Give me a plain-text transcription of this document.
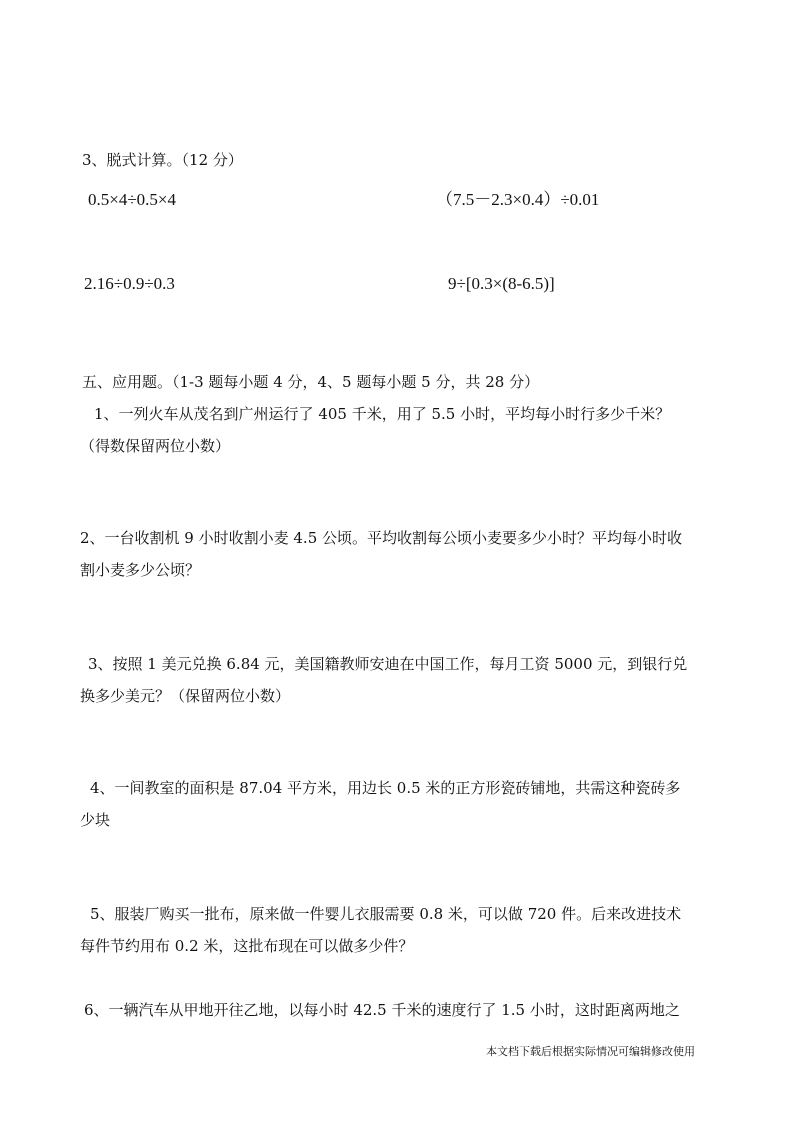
3、脱式计算。（12 分）
0.5×4÷0.5×4	（7.5－2.3×0.4）÷0.01
2.16÷0.9÷0.3	9÷[0.3×(8-6.5)]
五、应用题。（1-3 题每小题 4 分，4、5 题每小题 5 分，共 28 分）
1、一列火车从茂名到广州运行了 405 千米，用了 5.5 小时，平均每小时行多少千米？
（得数保留两位小数）
2、一台收割机 9 小时收割小麦 4.5 公顷。平均收割每公顷小麦要多少小时？平均每小时收
割小麦多少公顷？
3、按照 1 美元兑换 6.84 元，美国籍教师安迪在中国工作，每月工资 5000 元，到银行兑
换多少美元？（保留两位小数）
4、一间教室的面积是 87.04 平方米，用边长 0.5 米的正方形瓷砖铺地，共需这种瓷砖多
少块
5、服装厂购买一批布，原来做一件婴儿衣服需要 0.8 米，可以做 720 件。后来改进技术
每件节约用布 0.2 米，这批布现在可以做多少件？
6、一辆汽车从甲地开往乙地，以每小时 42.5 千米的速度行了 1.5 小时，这时距离两地之
本文档下载后根据实际情况可编辑修改使用
